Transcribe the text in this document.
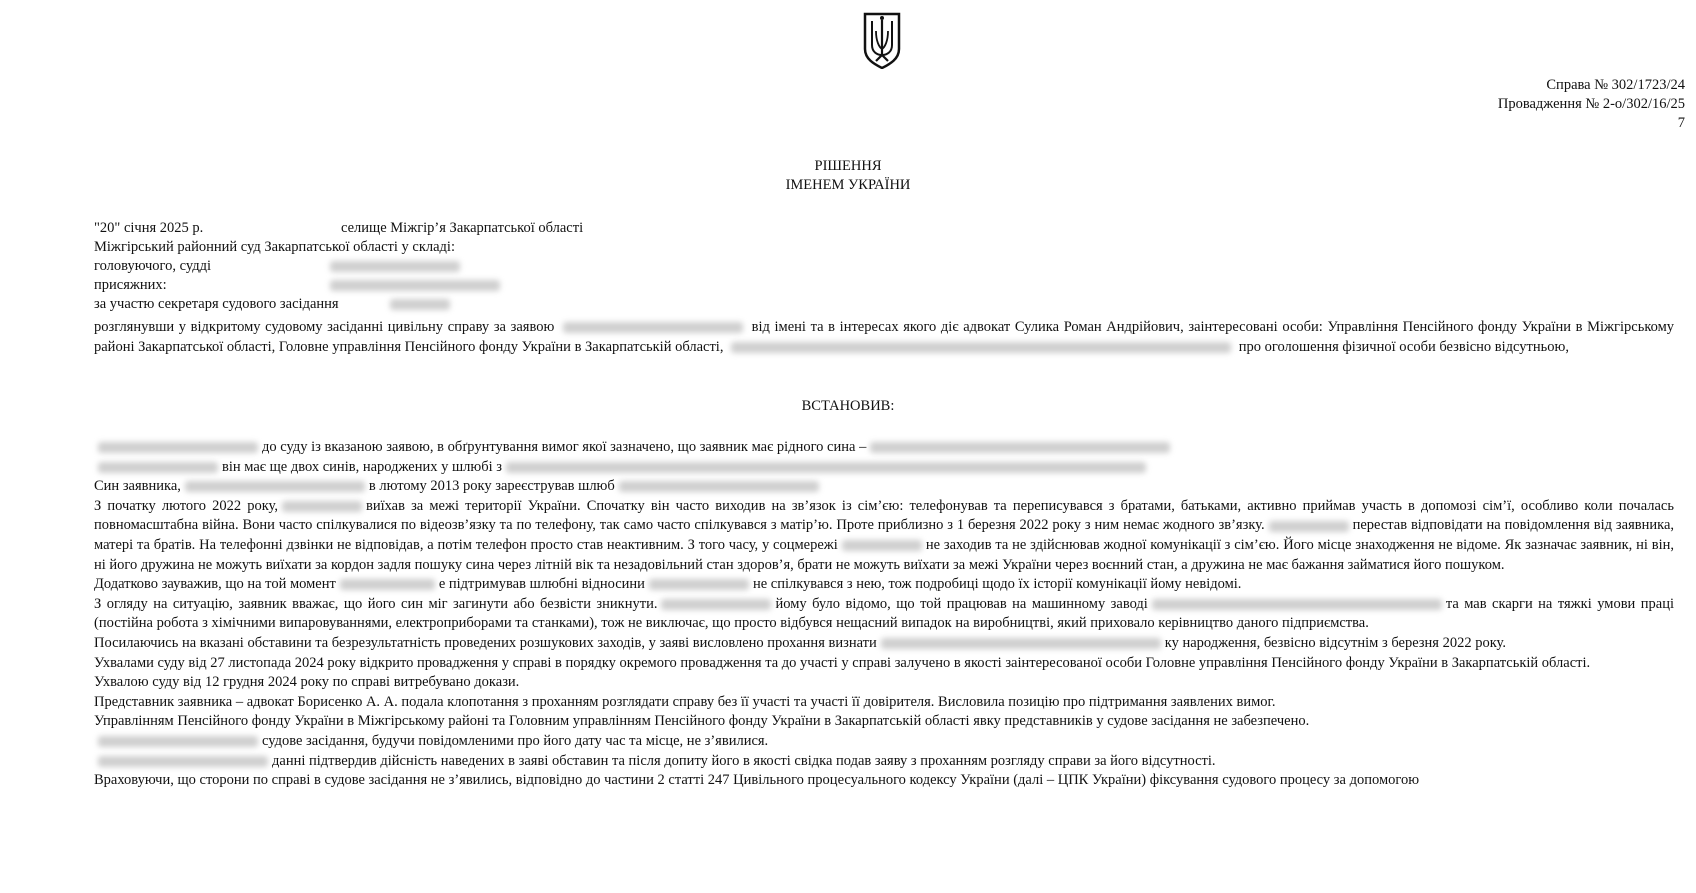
Справа № 302/1723/24
Провадження № 2-о/302/16/25
7
РІШЕННЯ
ІМЕНЕМ УКРАЇНИ
"20" січня 2025 р.	селище Міжгір’я Закарпатської області
Міжгірський районний суд Закарпатської області у складі:
головуючого, судді
присяжних:
за участю секретаря судового засідання
розглянувши у відкритому судовому засіданні цивільну справу за заявою	від імені та в інтересах якого діє адвокат Сулика Роман Андрійович, заінтересовані особи: Управління Пенсійного фонду України в Міжгірському районі Закарпатської області, Головне управління Пенсійного фонду України в Закарпатській області,	про оголошення фізичної особи безвісно відсутньою,
ВСТАНОВИВ:

до суду із вказаною заявою, в обґрунтування вимог якої зазначено, що заявник має рідного сина –

він має ще двох синів, народжених у шлюбі з

Син заявника,	в лютому 2013 року зареєстрував шлюб

З початку лютого 2022 року,	виїхав за межі території України. Спочатку він часто виходив на зв’язок із сім’єю: телефонував та переписувався з братами, батьками, активно приймав участь в допомозі сім’ї, особливо коли почалась повномасштабна війна. Вони часто спілкувалися по відеозв’язку та по телефону, так само часто спілкувався з матір’ю. Проте приблизно з 1 березня 2022 року з ним немає жодного зв’язку.	перестав відповідати на повідомлення від заявника, матері та братів. На телефонні дзвінки не відповідав, а потім телефон просто став неактивним. З того часу, у соцмережі	не заходив та не здійснював жодної комунікації з сім’єю. Його місце знаходження не відоме. Як зазначає заявник, ні він, ні його дружина не можуть виїхати за кордон задля пошуку сина через літній вік та незадовільний стан здоров’я, брати не можуть виїхати за межі України через воєнний стан, а дружина не має бажання займатися його пошуком.

Додатково зауважив, що на той момент	е підтримував шлюбні відносини	не спілкувався з нею, тож подробиці щодо їх історії комунікації йому невідомі.

З огляду на ситуацію, заявник вважає, що його син міг загинути або безвісти зникнути.	йому було відомо, що той працював на машинному заводі	та мав скарги на тяжкі умови праці (постійна робота з хімічними випаровуваннями, електроприборами та станками), тож не виключає, що просто відбувся нещасний випадок на виробництві, який приховало керівництво даного підприємства.

Посилаючись на вказані обставини та безрезультатність проведених розшукових заходів, у заяві висловлено прохання визнати	ку народження, безвісно відсутнім з березня 2022 року.

Ухвалами суду від 27 листопада 2024 року відкрито провадження у справі в порядку окремого провадження та до участі у справі залучено в якості заінтересованої особи Головне управління Пенсійного фонду України в Закарпатській області.

Ухвалою суду від 12 грудня 2024 року по справі витребувано докази.

Представник заявника – адвокат Борисенко А. А. подала клопотання з проханням розглядати справу без її участі та участі її довірителя. Висловила позицію про підтримання заявлених вимог.

Управлінням Пенсійного фонду України в Міжгірському районі та Головним управлінням Пенсійного фонду України в Закарпатській області явку представників у судове засідання не забезпечено.

судове засідання, будучи повідомленими про його дату час та місце, не з’явилися.

данні підтвердив дійсність наведених в заяві обставин та після допиту його в якості свідка подав заяву з проханням розгляду справи за його відсутності.

Враховуючи, що сторони по справі в судове засідання не з’явились, відповідно до частини 2 статті 247 Цивільного процесуального кодексу України (далі – ЦПК України) фіксування судового процесу за допомогою
